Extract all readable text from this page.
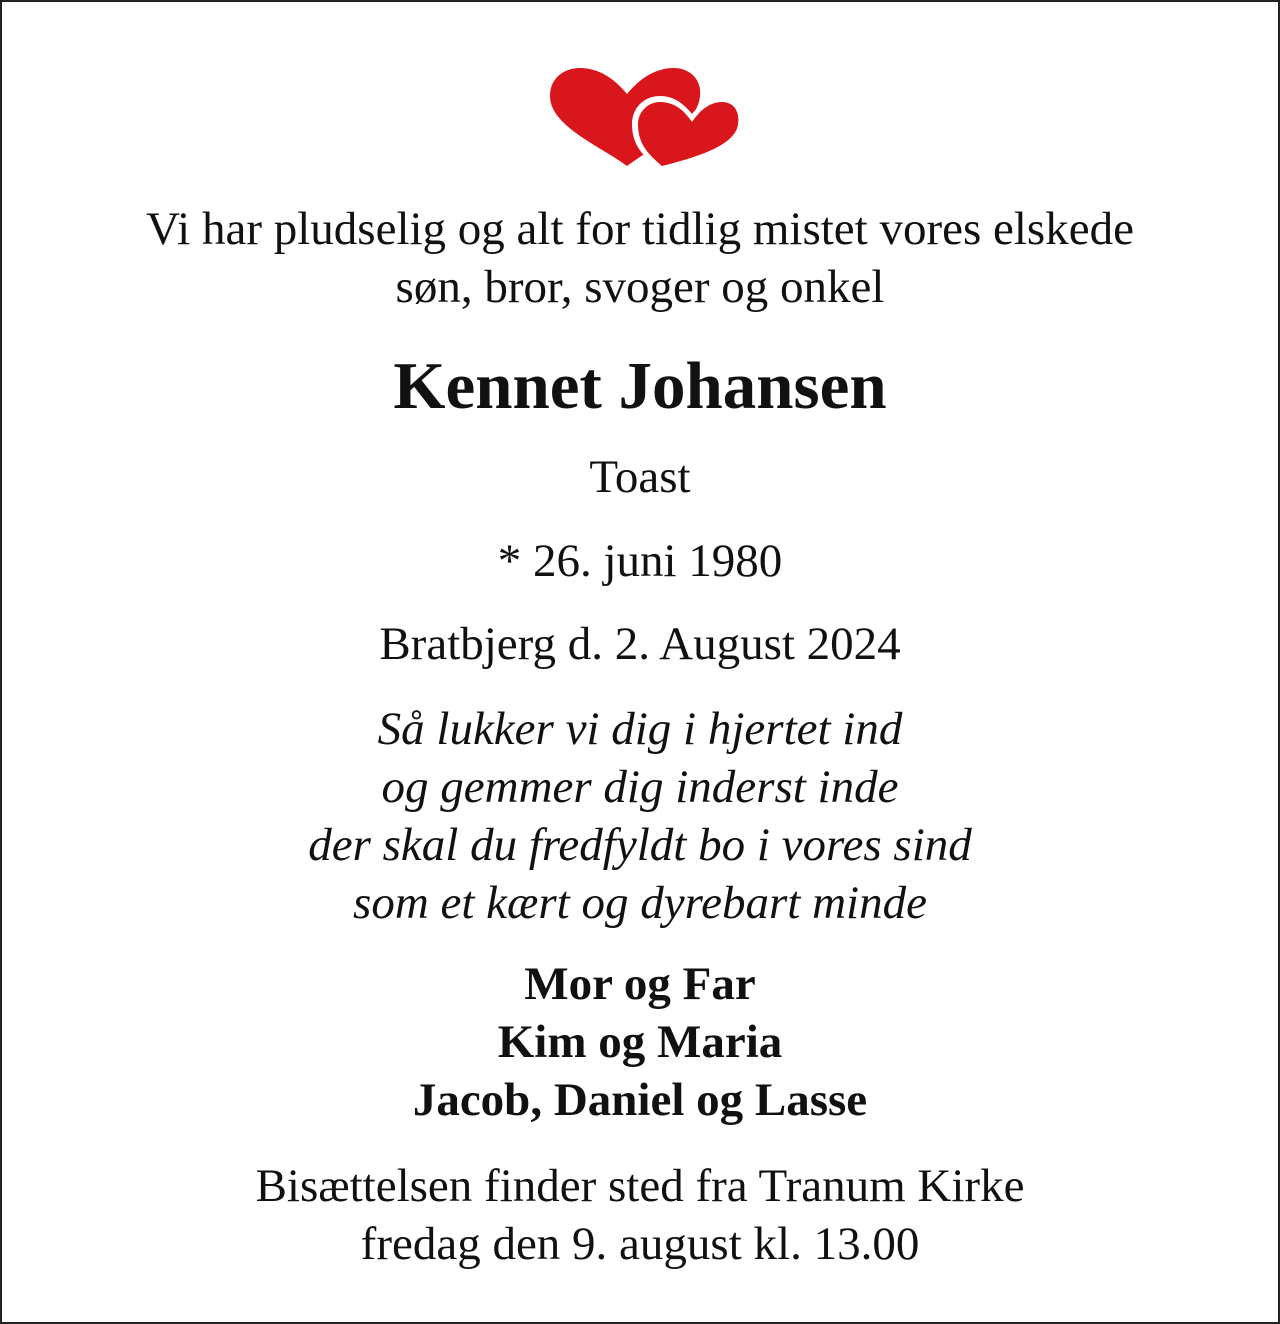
Vi har pludselig og alt for tidlig mistet vores elskede
søn, bror, svoger og onkel
Kennet Johansen
Toast
* 26. juni 1980
Bratbjerg d. 2. August 2024
Så lukker vi dig i hjertet ind
og gemmer dig inderst inde
der skal du fredfyldt bo i vores sind
som et kært og dyrebart minde
Mor og Far
Kim og Maria
Jacob, Daniel og Lasse
Bisættelsen finder sted fra Tranum Kirke
fredag den 9. august kl. 13.00
